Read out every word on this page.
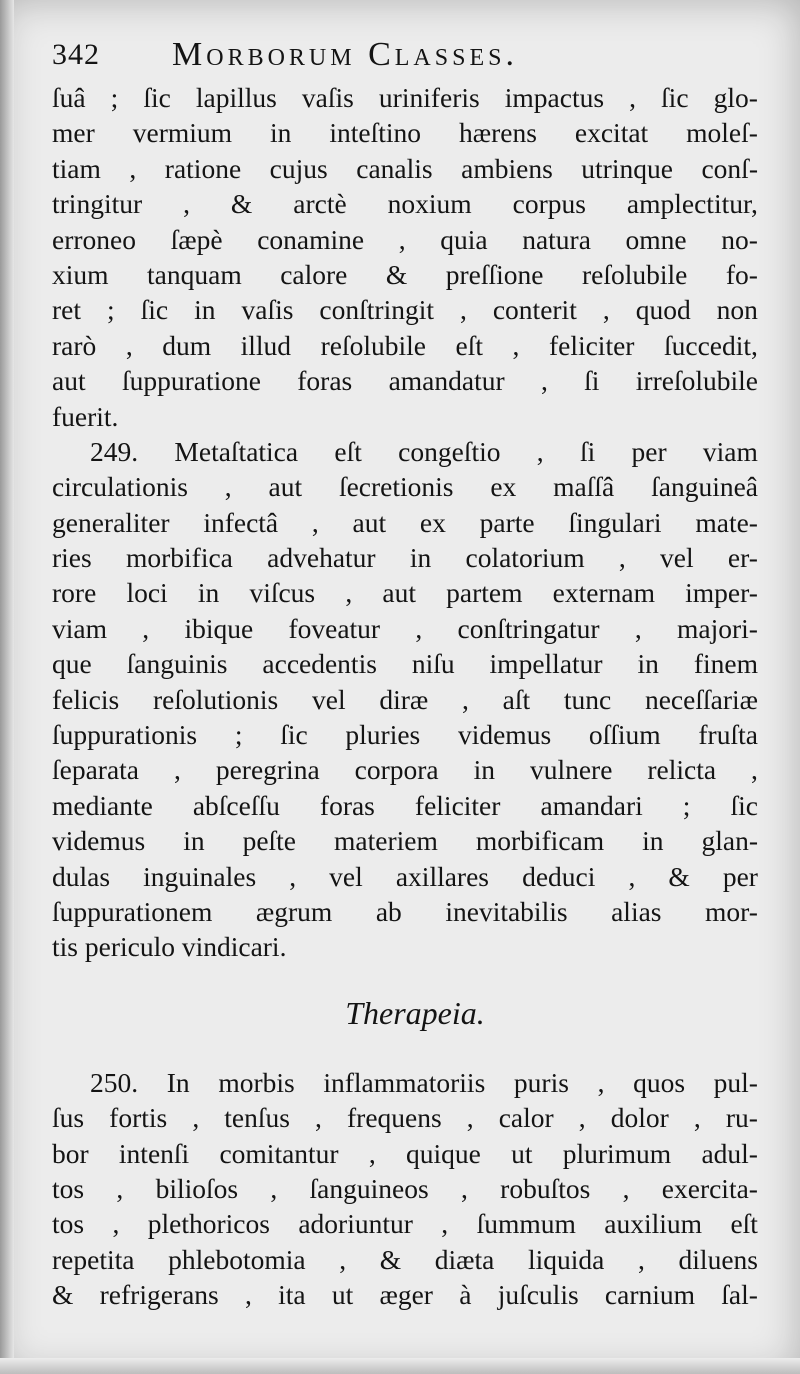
342 Morborum Classes.
ſuâ ; ſic lapillus vaſis uriniferis impactus , ſic glo-
mer vermium in inteſtino hærens excitat moleſ-
tiam , ratione cujus canalis ambiens utrinque conſ-
tringitur , & arctè noxium corpus amplectitur,
erroneo ſæpè conamine , quia natura omne no-
xium tanquam calore & preſſione reſolubile fo-
ret ; ſic in vaſis conſtringit , conterit , quod non
rarò , dum illud reſolubile eſt , feliciter ſuccedit,
aut ſuppuratione foras amandatur , ſi irreſolubile
fuerit.
249. Metaſtatica eſt congeſtio , ſi per viam
circulationis , aut ſecretionis ex maſſâ ſanguineâ
generaliter infectâ , aut ex parte ſingulari mate-
ries morbifica advehatur in colatorium , vel er-
rore loci in viſcus , aut partem externam imper-
viam , ibique foveatur , conſtringatur , majori-
que ſanguinis accedentis niſu impellatur in finem
felicis reſolutionis vel diræ , aſt tunc neceſſariæ
ſuppurationis ; ſic pluries videmus oſſium fruſta
ſeparata , peregrina corpora in vulnere relicta ,
mediante abſceſſu foras feliciter amandari ; ſic
videmus in peſte materiem morbificam in glan-
dulas inguinales , vel axillares deduci , & per
ſuppurationem ægrum ab inevitabilis alias mor-
tis periculo vindicari.
Therapeia.
250. In morbis inflammatoriis puris , quos pul-
ſus fortis , tenſus , frequens , calor , dolor , ru-
bor intenſi comitantur , quique ut plurimum adul-
tos , bilioſos , ſanguineos , robuſtos , exercita-
tos , plethoricos adoriuntur , ſummum auxilium eſt
repetita phlebotomia , & diæta liquida , diluens
& refrigerans , ita ut æger à juſculis carnium ſal-
